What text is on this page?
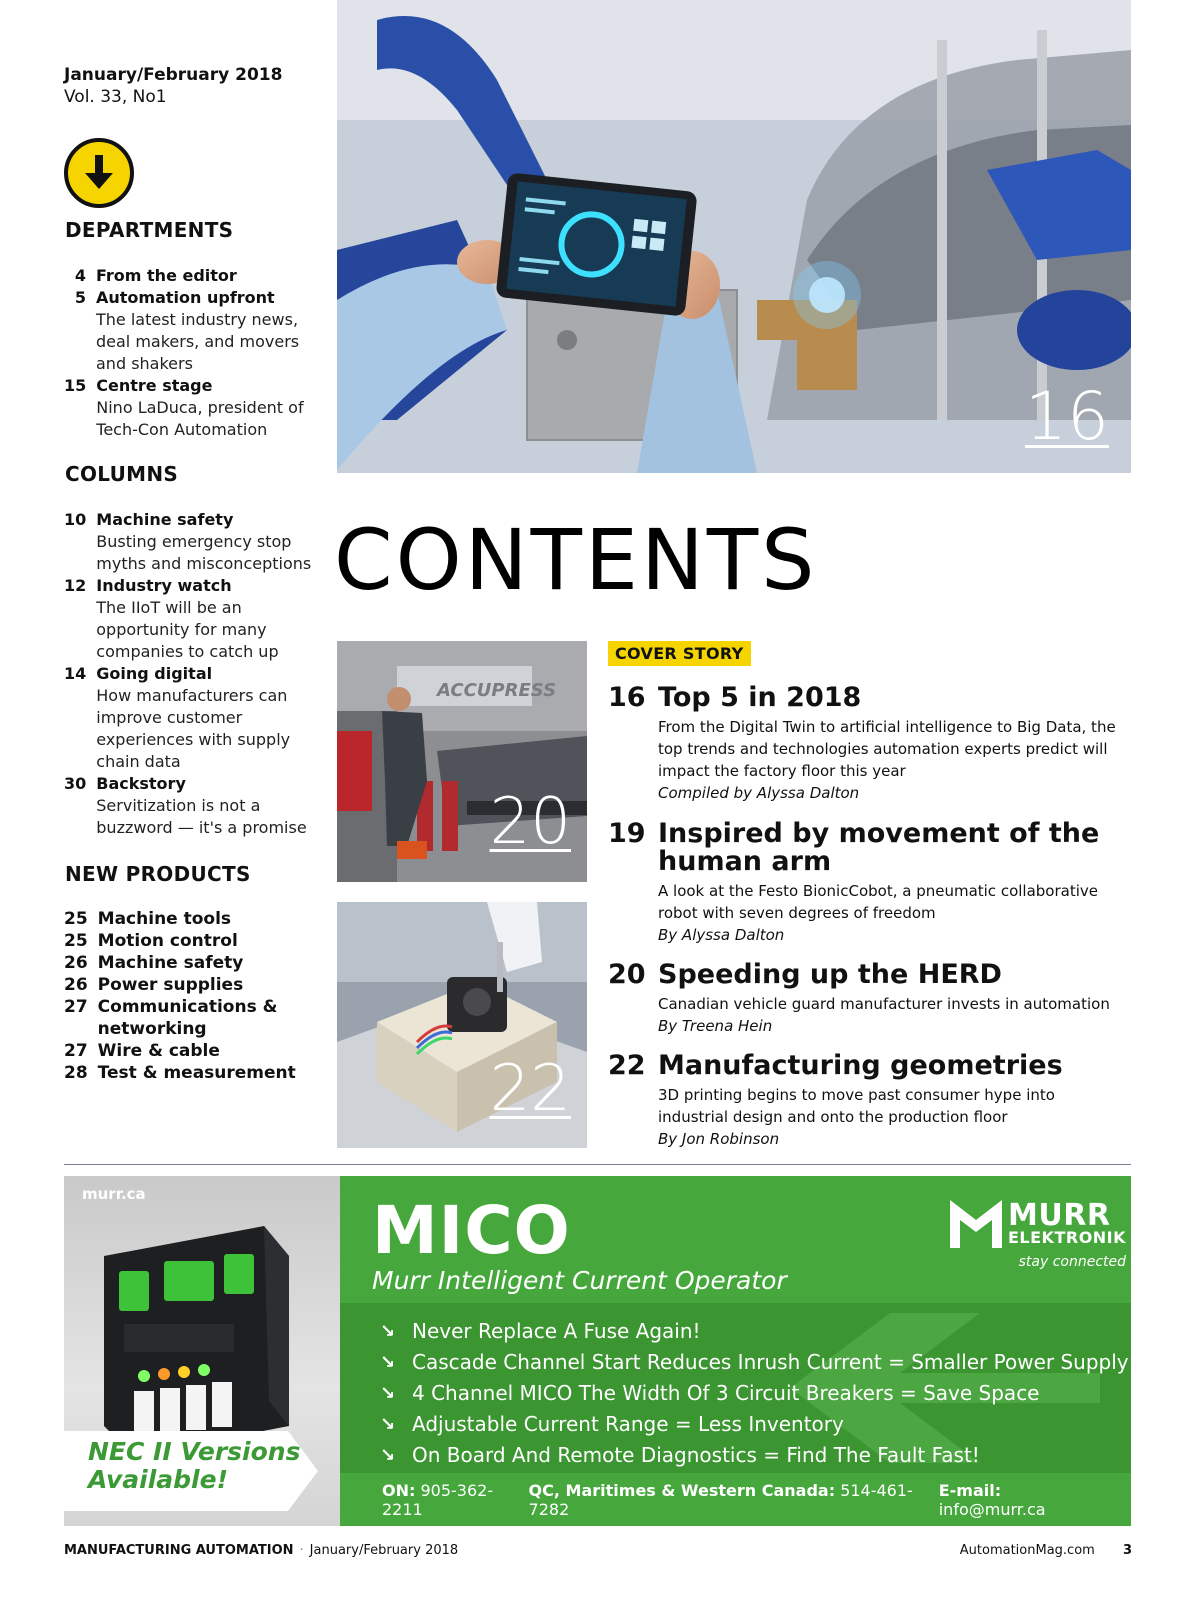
January/February 2018
Vol. 33, No1
DEPARTMENTS
4 From the editor
5 Automation upfront
The latest industry news, deal makers, and movers and shakers
15 Centre stage
Nino LaDuca, president of Tech-Con Automation
COLUMNS
10 Machine safety
Busting emergency stop myths and misconceptions
12 Industry watch
The IIoT will be an opportunity for many companies to catch up
14 Going digital
How manufacturers can improve customer experiences with supply chain data
30 Backstory
Servitization is not a buzzword — it's a promise
NEW PRODUCTS
25 Machine tools
25 Motion control
26 Machine safety
26 Power supplies
27 Communications & networking
27 Wire & cable
28 Test & measurement
16
CONTENTS
ACCUPRESS
20
22
COVER STORY
16 Top 5 in 2018
From the Digital Twin to artificial intelligence to Big Data, the top trends and technologies automation experts predict will impact the factory floor this year
Compiled by Alyssa Dalton
19 Inspired by movement of the human arm
A look at the Festo BionicCobot, a pneumatic collaborative robot with seven degrees of freedom
By Alyssa Dalton
20 Speeding up the HERD
Canadian vehicle guard manufacturer invests in automation
By Treena Hein
22 Manufacturing geometries
3D printing begins to move past consumer hype into industrial design and onto the production floor
By Jon Robinson
murr.ca
NEC II Versions
Available!
MICO
Murr Intelligent Current Operator
MURR
ELEKTRONIK
stay connected
↘ Never Replace A Fuse Again!
↘ Cascade Channel Start Reduces Inrush Current = Smaller Power Supply
↘ 4 Channel MICO The Width Of 3 Circuit Breakers = Save Space
↘ Adjustable Current Range = Less Inventory
↘ On Board And Remote Diagnostics = Find The Fault Fast!
ON: 905-362-2211
QC, Maritimes & Western Canada: 514-461-7282
E-mail: info@murr.ca
MANUFACTURING AUTOMATION · January/February 2018	AutomationMag.com 3
